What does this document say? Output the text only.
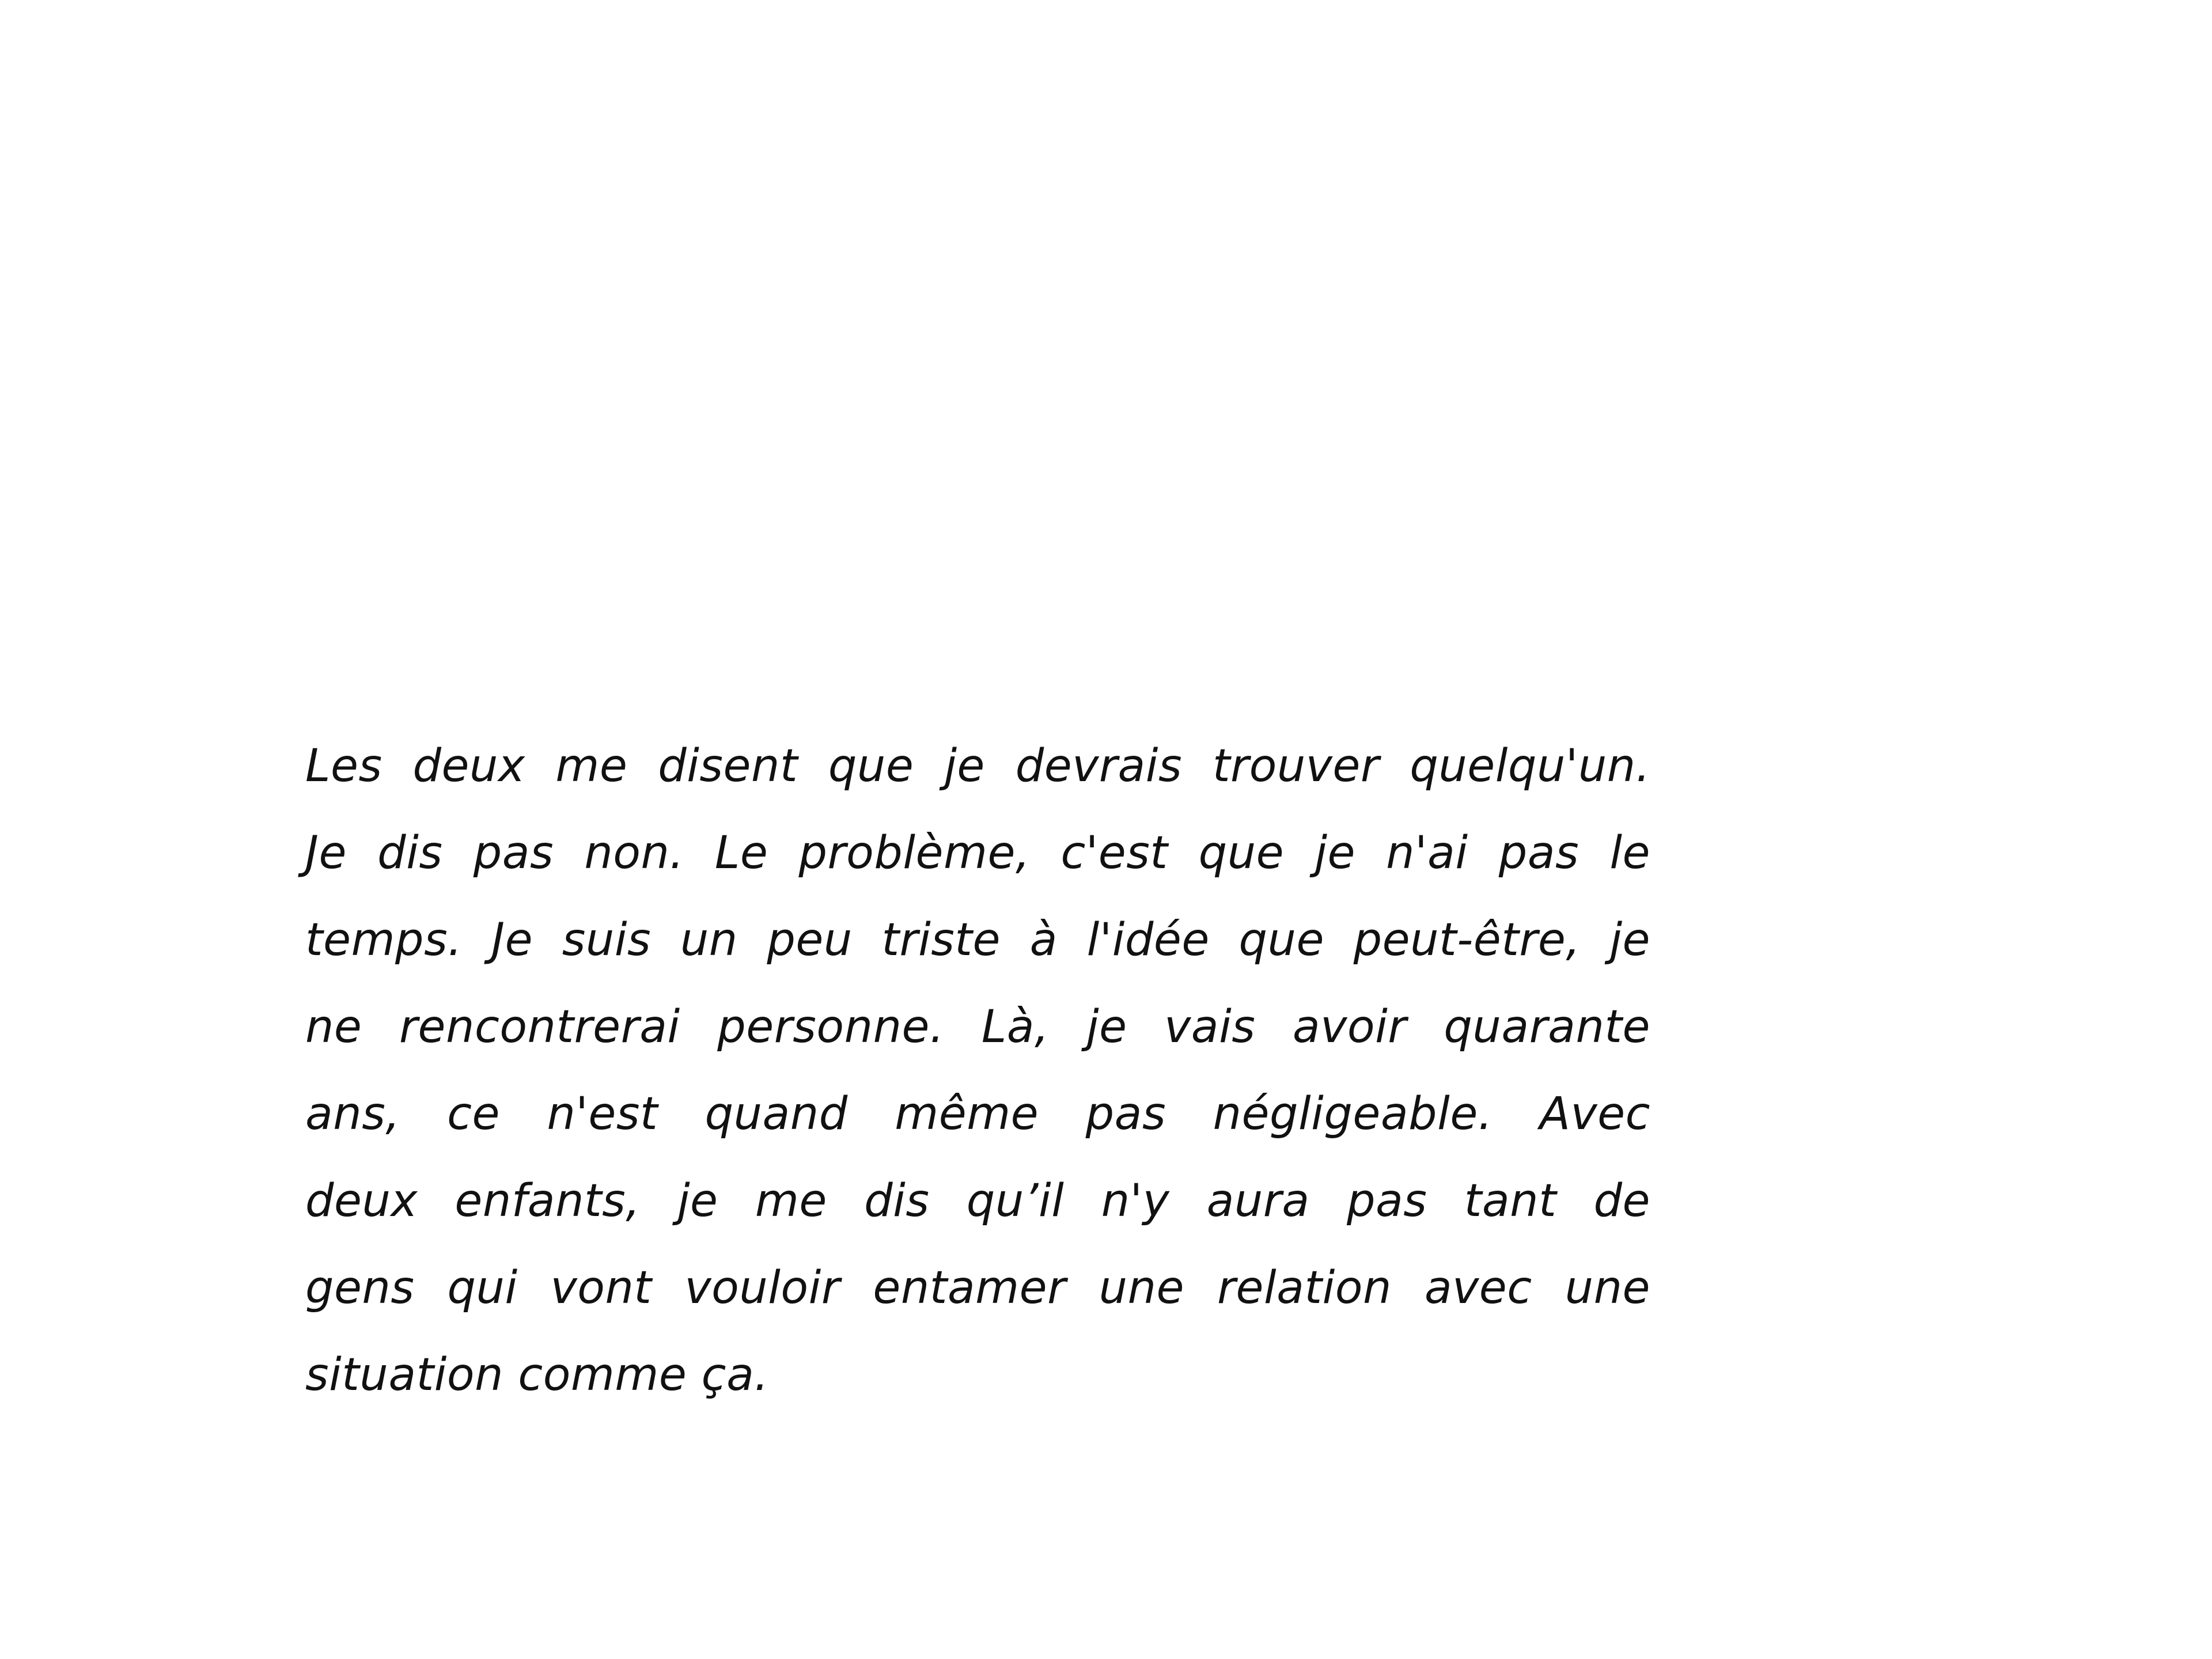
Les deux me disent que je devrais trouver quelqu'un.
Je dis pas non. Le problème, c'est que je n'ai pas le
temps. Je suis un peu triste à l'idée que peut-être, je
ne rencontrerai personne. Là, je vais avoir quarante
ans, ce n'est quand même pas négligeable. Avec
deux enfants, je me dis qu’il n'y aura pas tant de
gens qui vont vouloir entamer une relation avec une
situation comme ça.
